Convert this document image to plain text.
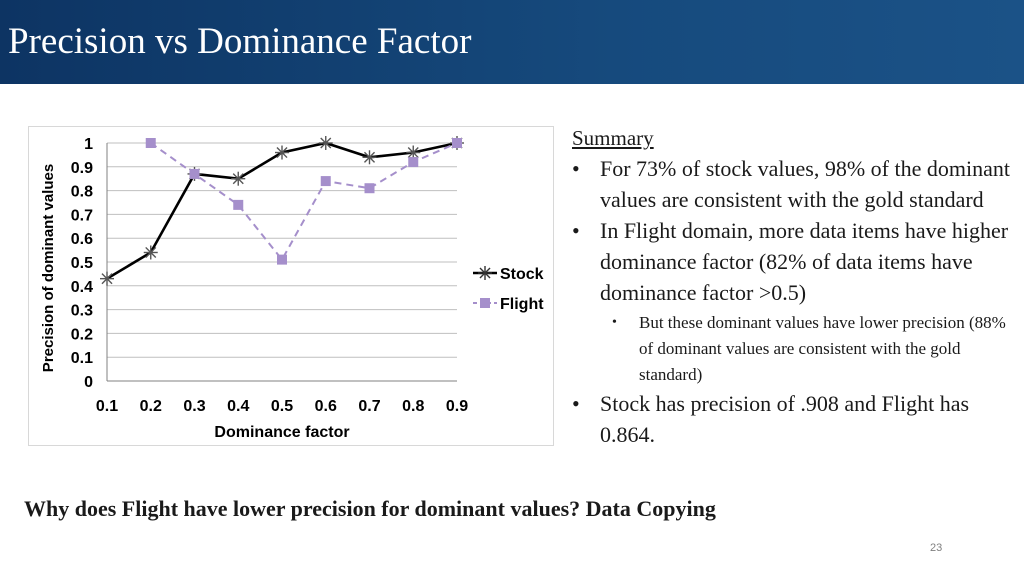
Precision vs Dominance Factor
0
0.1
0.2
0.3
0.4
0.5
0.6
0.7
0.8
0.9
1
0.1 0.2 0.3 0.4 0.5 0.6 0.7 0.8 0.9
Dominance factor
Precision of dominant values	Stock
Flight
Summary
• For 73% of stock values, 98% of the dominant values are consistent with the gold standard
• In Flight domain, more data items have higher dominance factor (82% of data items have dominance factor >0.5)
• But these dominant values have lower precision (88% of dominant values are consistent with the gold standard)
• Stock has precision of .908 and Flight has 0.864.
Why does Flight have lower precision for dominant values? Data Copying
23
